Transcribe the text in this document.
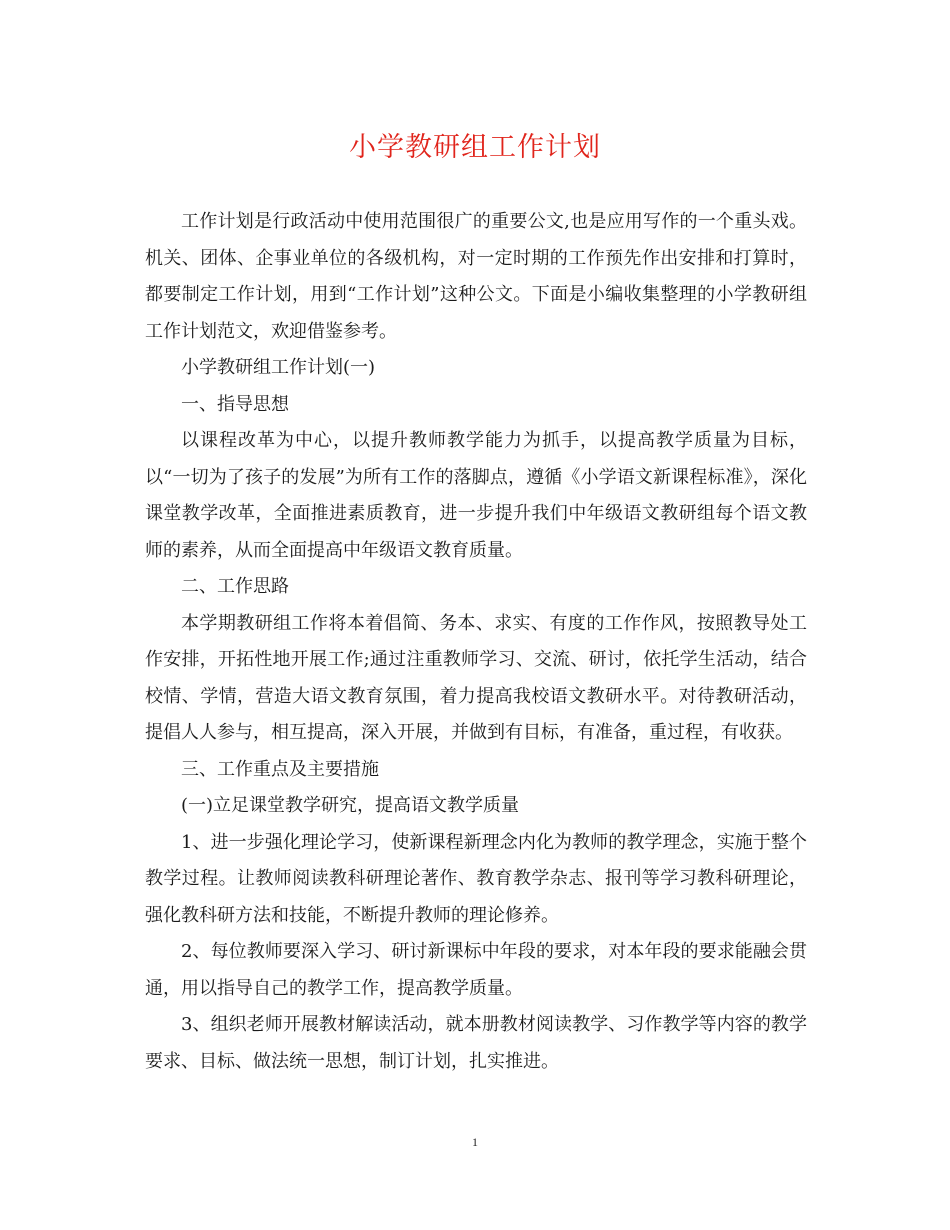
小学教研组工作计划

工作计划是行政活动中使用范围很广的重要公文,也是应用写作的一个重头戏。机关、团体、企事业单位的各级机构，对一定时期的工作预先作出安排和打算时，都要制定工作计划，用到“工作计划”这种公文。下面是小编收集整理的小学教研组工作计划范文，欢迎借鉴参考。

小学教研组工作计划(一)

一、指导思想

以课程改革为中心，以提升教师教学能力为抓手，以提高教学质量为目标，以“一切为了孩子的发展”为所有工作的落脚点，遵循《小学语文新课程标准》，深化课堂教学改革，全面推进素质教育，进一步提升我们中年级语文教研组每个语文教师的素养，从而全面提高中年级语文教育质量。

二、工作思路

本学期教研组工作将本着倡简、务本、求实、有度的工作作风，按照教导处工作安排，开拓性地开展工作;通过注重教师学习、交流、研讨，依托学生活动，结合校情、学情，营造大语文教育氛围，着力提高我校语文教研水平。对待教研活动，提倡人人参与，相互提高，深入开展，并做到有目标，有准备，重过程，有收获。

三、工作重点及主要措施

(一)立足课堂教学研究，提高语文教学质量

1、进一步强化理论学习，使新课程新理念内化为教师的教学理念，实施于整个教学过程。让教师阅读教科研理论著作、教育教学杂志、报刊等学习教科研理论，强化教科研方法和技能，不断提升教师的理论修养。

2、每位教师要深入学习、研讨新课标中年段的要求，对本年段的要求能融会贯通，用以指导自己的教学工作，提高教学质量。

3、组织老师开展教材解读活动，就本册教材阅读教学、习作教学等内容的教学要求、目标、做法统一思想，制订计划，扎实推进。

1
